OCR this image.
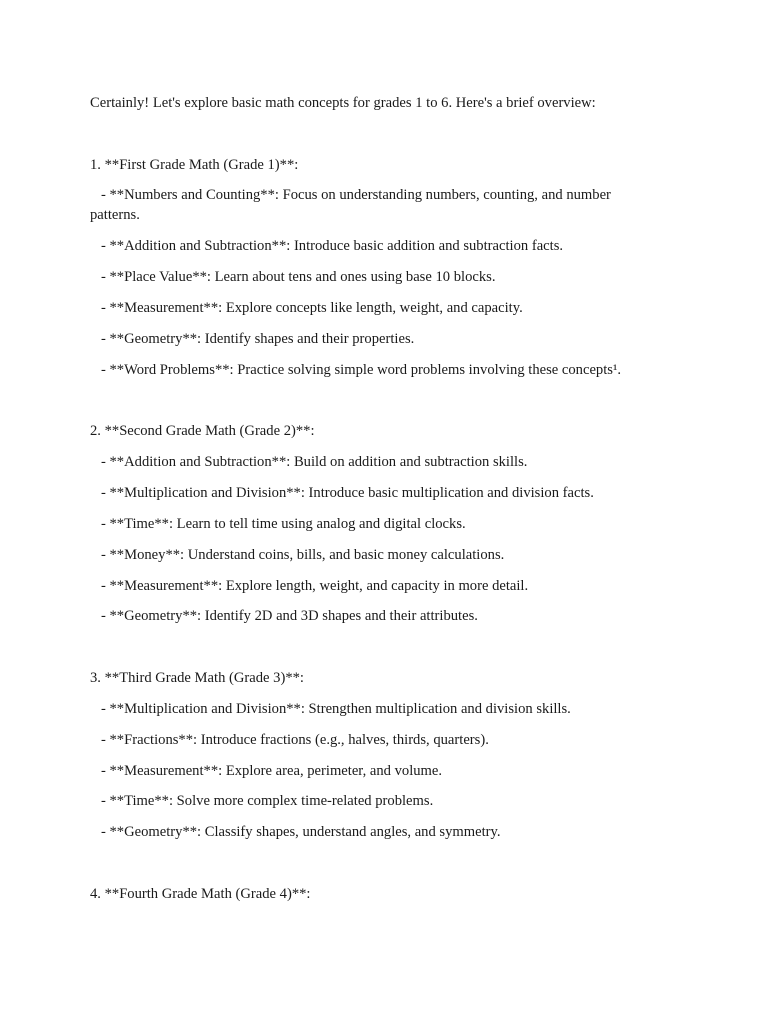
Certainly! Let's explore basic math concepts for grades 1 to 6. Here's a brief overview:
1. **First Grade Math (Grade 1)**:
- **Numbers and Counting**: Focus on understanding numbers, counting, and number
patterns.
- **Addition and Subtraction**: Introduce basic addition and subtraction facts.
- **Place Value**: Learn about tens and ones using base 10 blocks.
- **Measurement**: Explore concepts like length, weight, and capacity.
- **Geometry**: Identify shapes and their properties.
- **Word Problems**: Practice solving simple word problems involving these concepts¹.
2. **Second Grade Math (Grade 2)**:
- **Addition and Subtraction**: Build on addition and subtraction skills.
- **Multiplication and Division**: Introduce basic multiplication and division facts.
- **Time**: Learn to tell time using analog and digital clocks.
- **Money**: Understand coins, bills, and basic money calculations.
- **Measurement**: Explore length, weight, and capacity in more detail.
- **Geometry**: Identify 2D and 3D shapes and their attributes.
3. **Third Grade Math (Grade 3)**:
- **Multiplication and Division**: Strengthen multiplication and division skills.
- **Fractions**: Introduce fractions (e.g., halves, thirds, quarters).
- **Measurement**: Explore area, perimeter, and volume.
- **Time**: Solve more complex time-related problems.
- **Geometry**: Classify shapes, understand angles, and symmetry.
4. **Fourth Grade Math (Grade 4)**:
